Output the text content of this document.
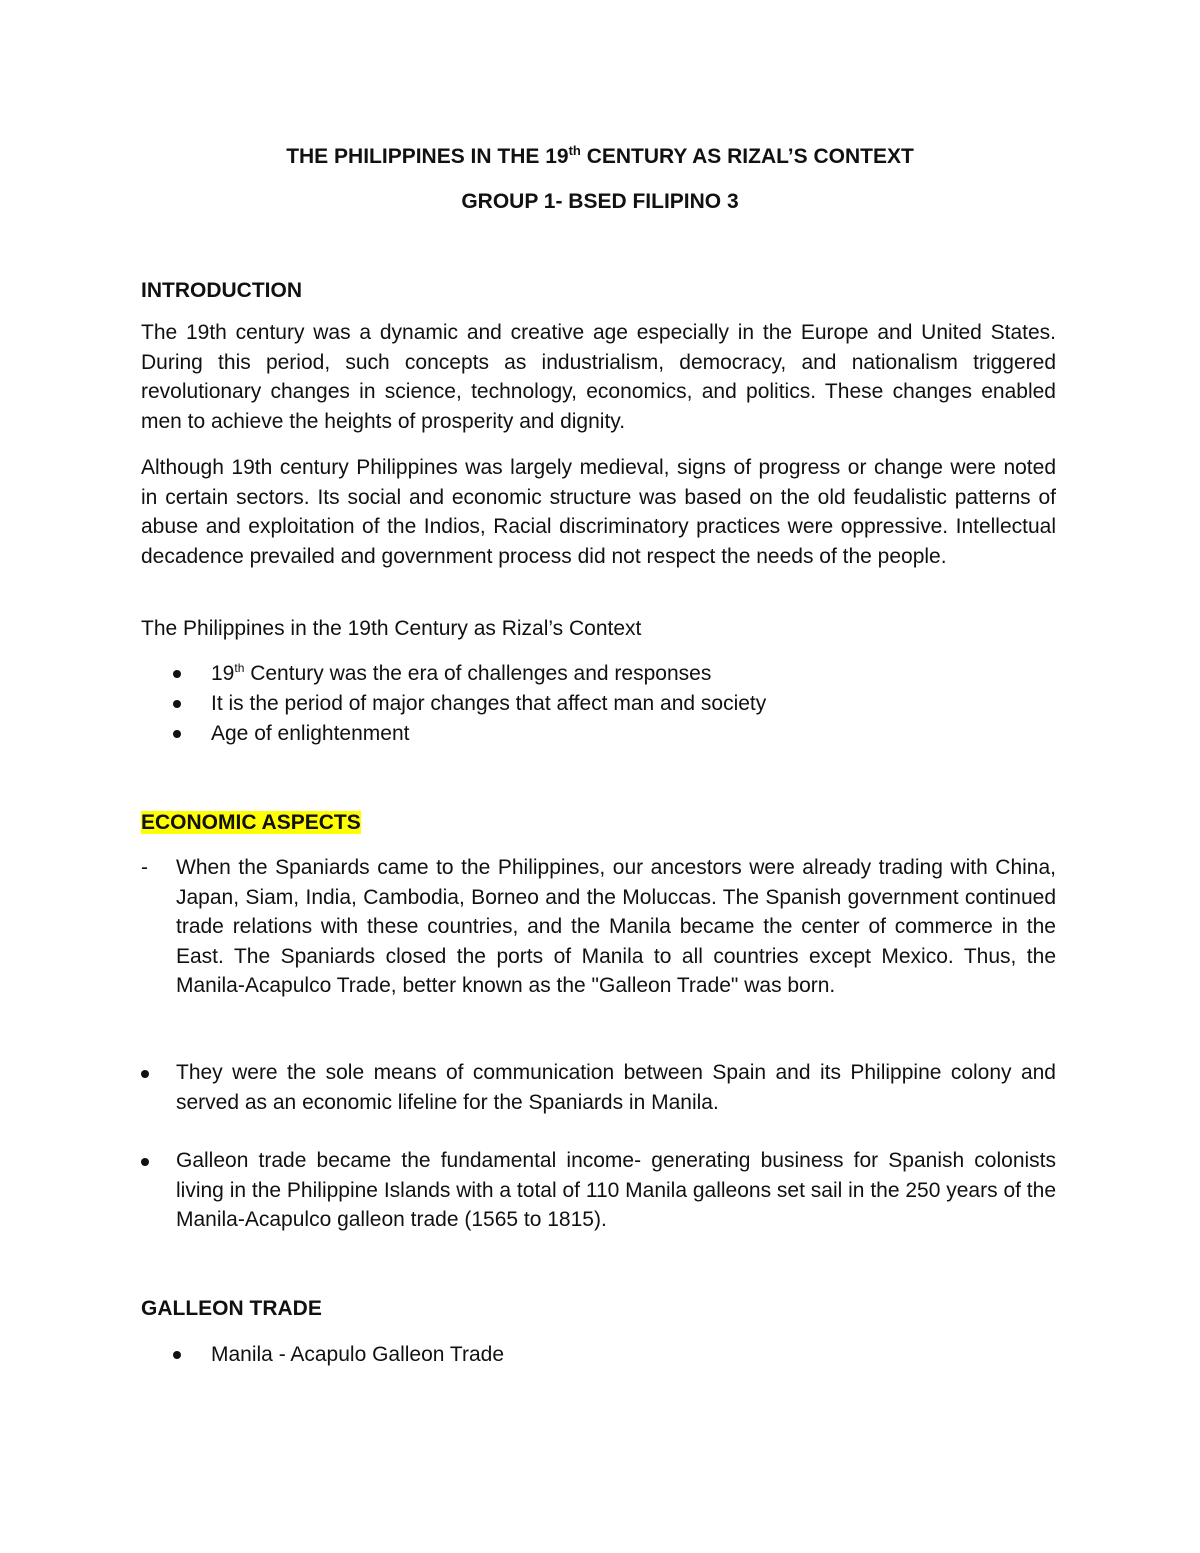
THE PHILIPPINES IN THE 19th CENTURY AS RIZAL’S CONTEXT
GROUP 1- BSED FILIPINO 3
INTRODUCTION
The 19th century was a dynamic and creative age especially in the Europe and United States. During this period, such concepts as industrialism, democracy, and nationalism triggered revolutionary changes in science, technology, economics, and politics. These changes enabled men to achieve the heights of prosperity and dignity.
Although 19th century Philippines was largely medieval, signs of progress or change were noted in certain sectors. Its social and economic structure was based on the old feudalistic patterns of abuse and exploitation of the Indios, Racial discriminatory practices were oppressive. Intellectual decadence prevailed and government process did not respect the needs of the people.
The Philippines in the 19th Century as Rizal’s Context
19th Century was the era of challenges and responses
It is the period of major changes that affect man and society
Age of enlightenment
ECONOMIC ASPECTS
- When the Spaniards came to the Philippines, our ancestors were already trading with China, Japan, Siam, India, Cambodia, Borneo and the Moluccas. The Spanish government continued trade relations with these countries, and the Manila became the center of commerce in the East. The Spaniards closed the ports of Manila to all countries except Mexico. Thus, the Manila-Acapulco Trade, better known as the "Galleon Trade" was born.
They were the sole means of communication between Spain and its Philippine colony and served as an economic lifeline for the Spaniards in Manila.
Galleon trade became the fundamental income- generating business for Spanish colonists living in the Philippine Islands with a total of 110 Manila galleons set sail in the 250 years of the Manila-Acapulco galleon trade (1565 to 1815).
GALLEON TRADE
Manila - Acapulo Galleon Trade
